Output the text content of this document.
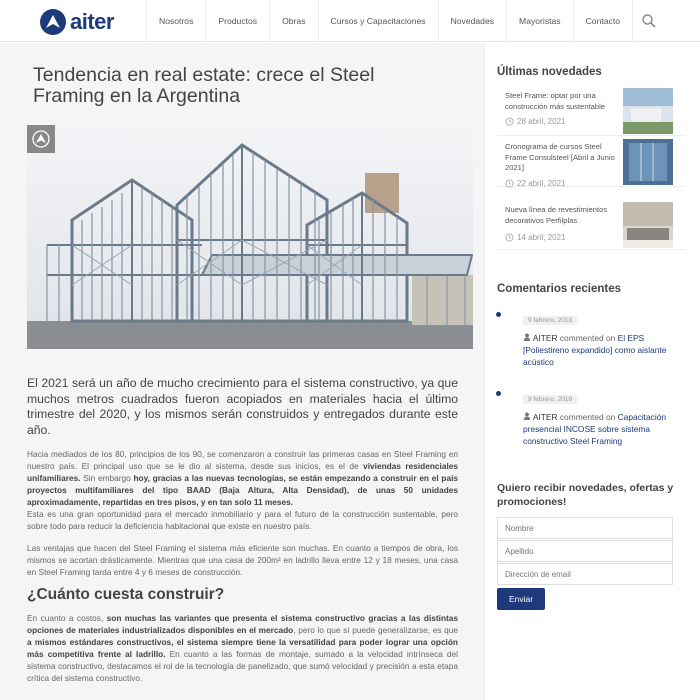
aiter	Nosotros	Productos	Obras	Cursos y Capacitaciones	Novedades	Mayoristas	Contacto
Tendencia en real estate: crece el Steel Framing en la Argentina

El 2021 será un año de mucho crecimiento para el sistema constructivo, ya que muchos metros cuadrados fueron acopiados en materiales hacia el último trimestre del 2020, y los mismos serán construidos y entregados durante este año.

Hacia mediados de los 80, principios de los 90, se comenzaron a construir las primeras casas en Steel Framing en nuestro país. El principal uso que se le dio al sistema, desde sus inicios, es el de viviendas residenciales unifamiliares. Sin embargo hoy, gracias a las nuevas tecnologías, se están empezando a construir en el país proyectos multifamiliares del tipo BAAD (Baja Altura, Alta Densidad), de unas 50 unidades aproximadamente, repartidas en tres pisos, y en tan solo 11 meses.
Esta es una gran oportunidad para el mercado inmobiliario y para el futuro de la construcción sustentable, pero sobre todo para reducir la deficiencia habitacional que existe en nuestro país.

Las ventajas que hacen del Steel Framing el sistema más eficiente son muchas. En cuanto a tiempos de obra, los mismos se acortan drásticamente. Mientras que una casa de 200m² en ladrillo lleva entre 12 y 18 meses, una casa en Steel Framing tarda entre 4 y 6 meses de construcción.

¿Cuánto cuesta construir?

En cuanto a costos, son muchas las variantes que presenta el sistema constructivo gracias a las distintas opciones de materiales industrializados disponibles en el mercado, pero lo que sí puede generalizarse, es que a mismos estándares constructivos, el sistema siempre tiene la versatilidad para poder lograr una opción más competitiva frente al ladrillo. En cuanto a las formas de montaje, sumado a la velocidad intrínseca del sistema constructivo, destacamos el rol de la tecnología de panelizado, que sumó velocidad y precisión a esta etapa crítica del sistema constructivo.

Últimas novedades
Steel Frame: optar por una construcción más sustentable
28 abril, 2021
Cronograma de cursos Steel Frame Consulsteel [Abril a Junio 2021]
22 abril, 2021
Nueva línea de revestimientos decorativos Perfilplas
14 abril, 2021
Comentarios recientes
9 febrero, 2018
AITER commented on El EPS [Poliestireno expandido] como aislante acústico
9 febrero, 2018
AITER commented on Capacitación presencial INCOSE sobre sistema constructivo Steel Framing
Quiero recibir novedades, ofertas y promociones!
Nombre
Apellido
Dirección de email
Enviar
